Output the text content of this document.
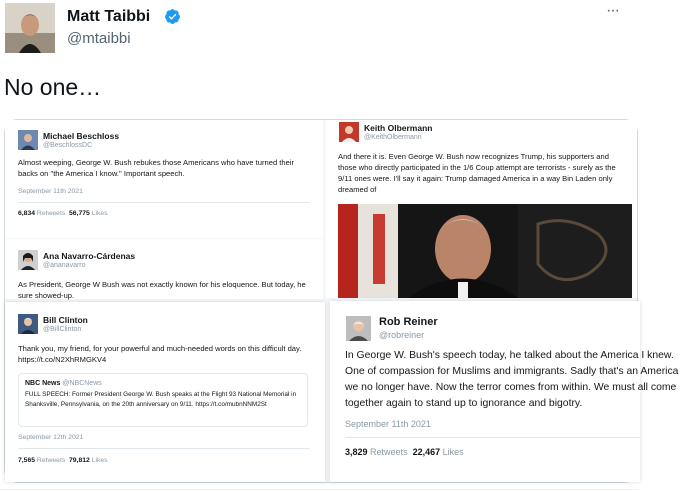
Matt Taibbi
@mtaibbi
···
No one…
Michael Beschloss
@BeschlossDC
Almost weeping, George W. Bush rebukes those Americans who have turned their backs on "the America I know." Important speech.
September 11th 2021
6,834 Retweets 56,775 Likes
Ana Navarro-Cárdenas
@ananavarro
As President, George W Bush was not exactly known for his eloquence. But today, he sure showed-up.
Bill Clinton
@BillClinton
Thank you, my friend, for your powerful and much-needed words on this difficult day. https://t.co/N2XhRMGKV4
NBC News @NBCNews
FULL SPEECH: Former President George W. Bush speaks at the Flight 93 National Memorial in Shanksville, Pennsylvania, on the 20th anniversary on 9/11. https://t.co/mubnNNM2St
September 12th 2021
7,565 Retweets 79,812 Likes
Keith Olbermann
@KeithOlbermann
And there it is. Even George W. Bush now recognizes Trump, his supporters and those who directly participated in the 1/6 Coup attempt are terrorists - surely as the 9/11 ones were. I'll say it again: Trump damaged America in a way Bin Laden only dreamed of
Rob Reiner
@robreiner
In George W. Bush's speech today, he talked about the America I knew. One of compassion for Muslims and immigrants. Sadly that's an America we no longer have. Now the terror comes from within. We must all come together again to stand up to ignorance and bigotry.
September 11th 2021
3,829 Retweets 22,467 Likes
